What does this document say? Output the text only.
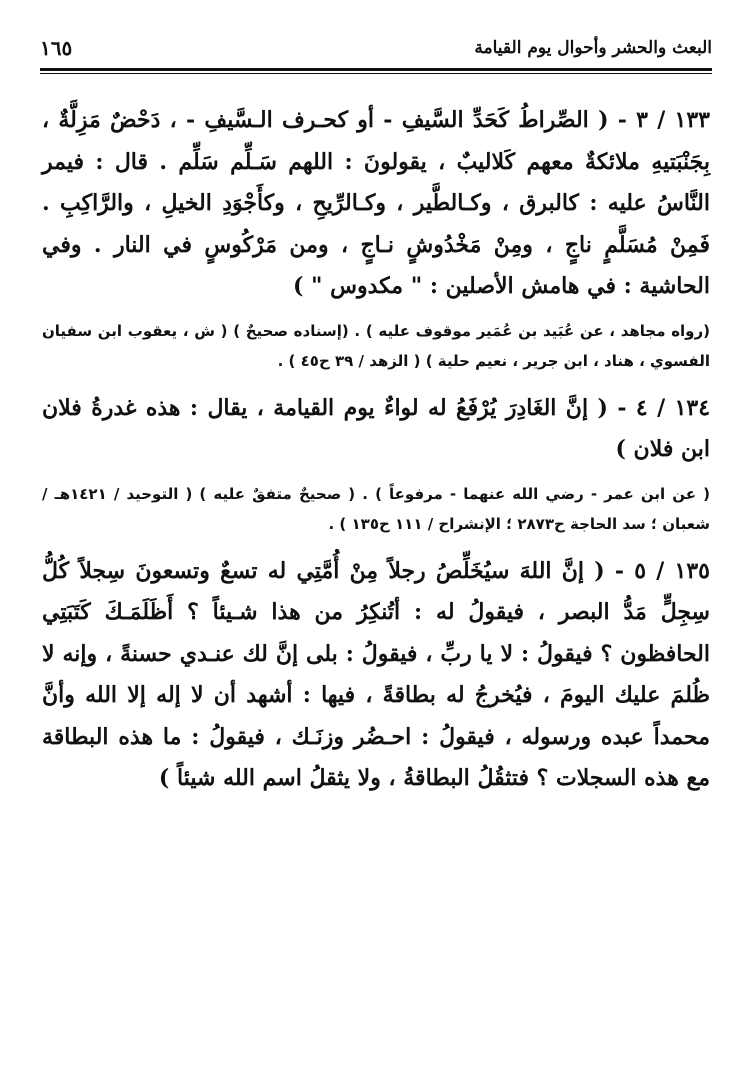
البعث والحشر وأحوال يوم القيامة
١٦٥

١٣٣ / ٣ - ( الصِّراطُ كَحَدِّ السَّيفِ - أو كحـرف الـسَّيفِ - ، دَحْضٌ مَزِلَّةٌ ، بِجَنْبَتيهِ ملائكةٌ معهم كَلاليبٌ ، يقولونَ : اللهم سَـلِّم سَلِّم . قال : فيمر النَّاسُ عليه : كالبرق ، وكـالطَّير ، وكـالرِّيحِ ، وكأَجْوَدِ الخيلِ ، والرَّاكِبِ . فَمِنْ مُسَلَّمٍ ناجٍ ، ومِنْ مَخْدُوشٍ نـاجٍ ، ومن مَرْكُوسٍ في النار . وفي الحاشية : في هامش الأصلين : " مكدوس " )

(رواه مجاهد ، عن عُبَيد بن عُمَير موقوف عليه ) . (إسناده صحيحٌ ) ( ش ، يعقوب ابن سفيان الفسوي ، هناد ، ابن جرير ، نعيم حلية ) ( الزهد / ٣٩ ح٤٥ ) .

١٣٤ / ٤ - ( إنَّ الغَادِرَ يُرْفَعُ له لواءٌ يوم القيامة ، يقال : هذه غدرةُ فلان ابن فلان )

( عن ابن عمر - رضي الله عنهما - مرفوعاً ) . ( صحيحٌ متفقٌ عليه ) ( التوحيد / ١٤٢١هـ / شعبان ؛ سد الحاجة ح٢٨٧٣ ؛ الإنشراح / ١١١ ح١٣٥ ) .

١٣٥ / ٥ - ( إنَّ اللهَ سيُخَلِّصُ رجلاً مِنْ أُمَّتِي له تسعٌ وتسعونَ سِجلاً كُلُّ سِجِلٍّ مَدُّ البصر ، فيقولُ له : أتُنكِرُ من هذا شـيئاً ؟ أَظَلَمَـكَ كَتَبَتِي الحافظون ؟ فيقولُ : لا يا ربِّ ، فيقولُ : بلى إنَّ لك عنـدي حسنةً ، وإنه لا ظُلمَ عليك اليومَ ، فيُخرجُ له بطاقةً ، فيها : أشهد أن لا إله إلا الله وأنَّ محمداً عبده ورسوله ، فيقولُ : احـضُر وزنَـك ، فيقولُ : ما هذه البطاقة مع هذه السجلات ؟ فتثقُلُ البطاقةُ ، ولا يثقلُ اسم الله شيئاً )
